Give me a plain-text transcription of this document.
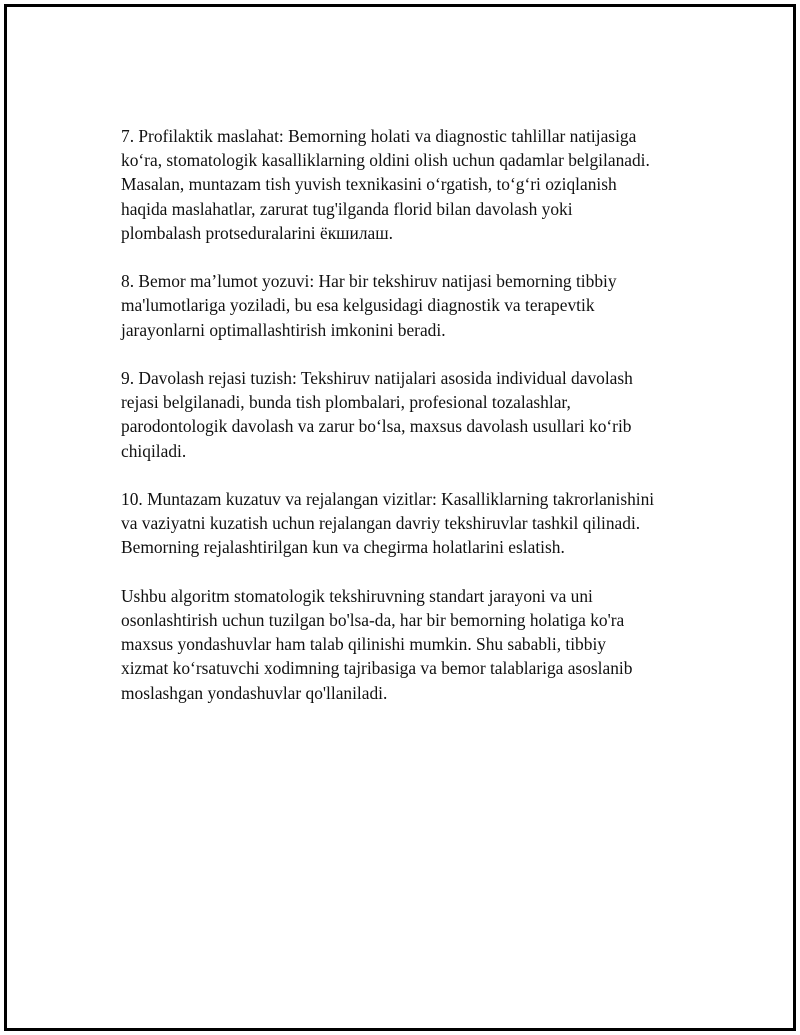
7. Profilaktik maslahat: Bemorning holati va diagnostic tahlillar natijasiga
ko‘ra, stomatologik kasalliklarning oldini olish uchun qadamlar belgilanadi.
Masalan, muntazam tish yuvish texnikasini o‘rgatish, to‘g‘ri oziqlanish
haqida maslahatlar, zarurat tug'ilganda florid bilan davolash yoki
plombalash protseduralarini ёкшилаш.

8. Bemor ma’lumot yozuvi: Har bir tekshiruv natijasi bemorning tibbiy
ma'lumotlariga yoziladi, bu esa kelgusidagi diagnostik va terapevtik
jarayonlarni optimallashtirish imkonini beradi.

9. Davolash rejasi tuzish: Tekshiruv natijalari asosida individual davolash
rejasi belgilanadi, bunda tish plombalari, profesional tozalashlar,
parodontologik davolash va zarur bo‘lsa, maxsus davolash usullari ko‘rib
chiqiladi.

10. Muntazam kuzatuv va rejalangan vizitlar: Kasalliklarning takrorlanishini
va vaziyatni kuzatish uchun rejalangan davriy tekshiruvlar tashkil qilinadi.
Bemorning rejalashtirilgan kun va chegirma holatlarini eslatish.

Ushbu algoritm stomatologik tekshiruvning standart jarayoni va uni
osonlashtirish uchun tuzilgan bo'lsa-da, har bir bemorning holatiga ko'ra
maxsus yondashuvlar ham talab qilinishi mumkin. Shu sababli, tibbiy
xizmat ko‘rsatuvchi xodimning tajribasiga va bemor talablariga asoslanib
moslashgan yondashuvlar qo'llaniladi.
